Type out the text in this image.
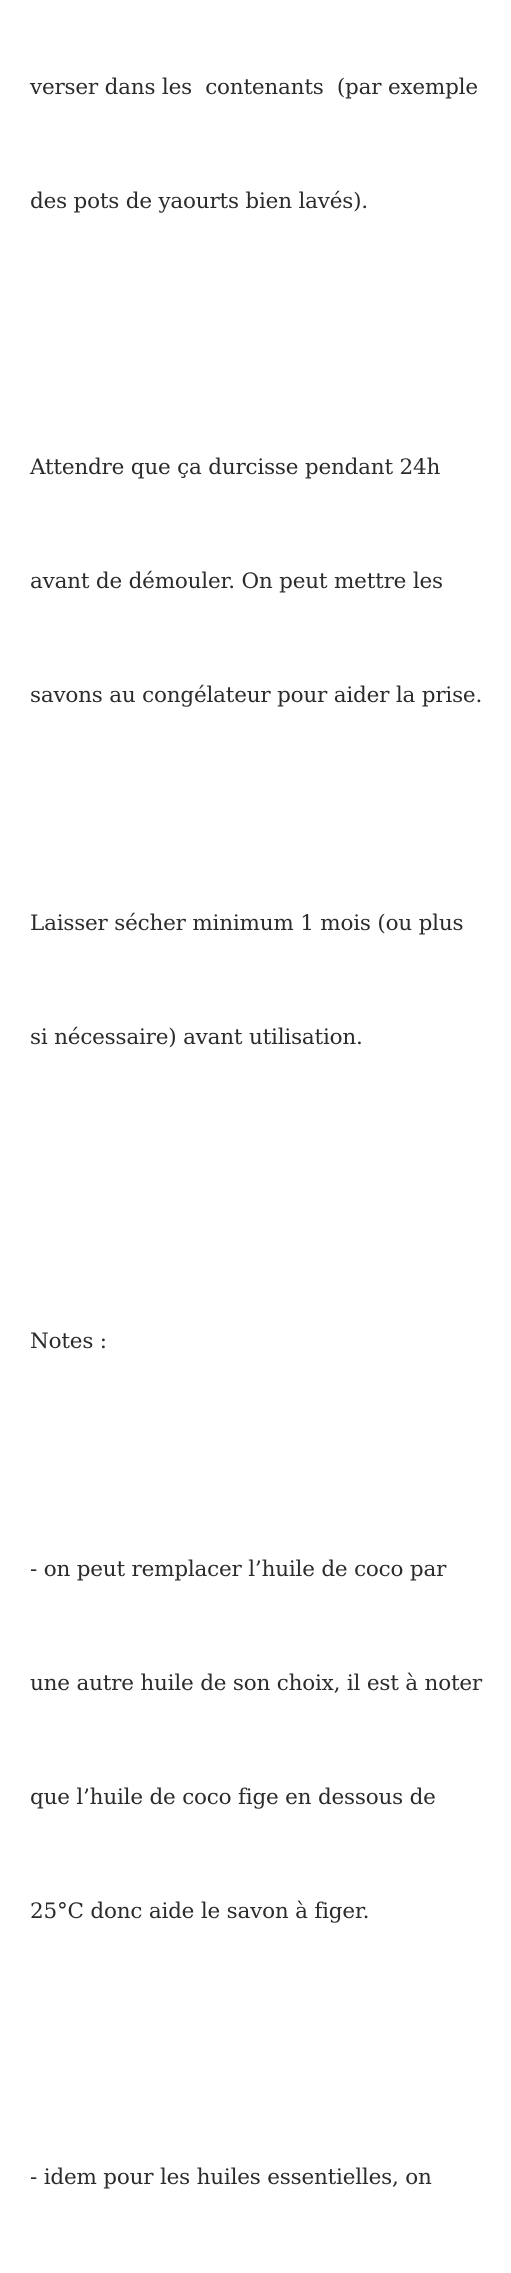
verser dans les  contenants  (par exemple

des pots de yaourts bien lavés).

Attendre que ça durcisse pendant 24h

avant de démouler. On peut mettre les

savons au congélateur pour aider la prise.

Laisser sécher minimum 1 mois (ou plus

si nécessaire) avant utilisation.

Notes :

- on peut remplacer l’huile de coco par

une autre huile de son choix, il est à noter

que l’huile de coco fige en dessous de

25°C donc aide le savon à figer.

- idem pour les huiles essentielles, on
